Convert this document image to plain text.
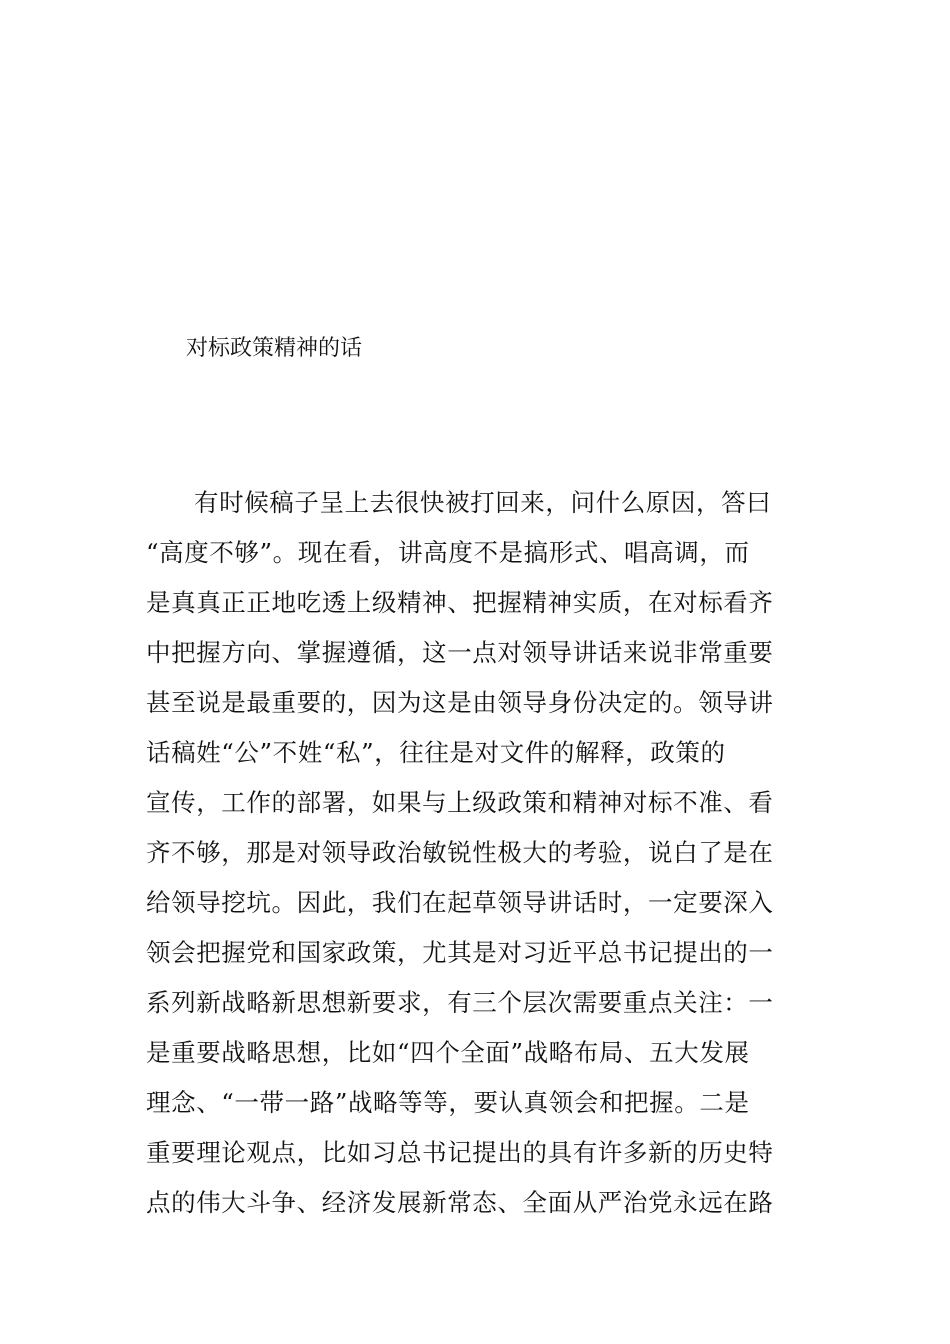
对标政策精神的话
有时候稿子呈上去很快被打回来，问什么原因，答曰
“高度不够”。现在看，讲高度不是搞形式、唱高调，而
是真真正正地吃透上级精神、把握精神实质，在对标看齐
中把握方向、掌握遵循，这一点对领导讲话来说非常重要
甚至说是最重要的，因为这是由领导身份决定的。领导讲
话稿姓“公”不姓“私”，往往是对文件的解释，政策的
宣传，工作的部署，如果与上级政策和精神对标不准、看
齐不够，那是对领导政治敏锐性极大的考验，说白了是在
给领导挖坑。因此，我们在起草领导讲话时，一定要深入
领会把握党和国家政策，尤其是对习近平总书记提出的一
系列新战略新思想新要求，有三个层次需要重点关注：一
是重要战略思想，比如“四个全面”战略布局、五大发展
理念、“一带一路”战略等等，要认真领会和把握。二是
重要理论观点，比如习总书记提出的具有许多新的历史特
点的伟大斗争、经济发展新常态、全面从严治党永远在路
